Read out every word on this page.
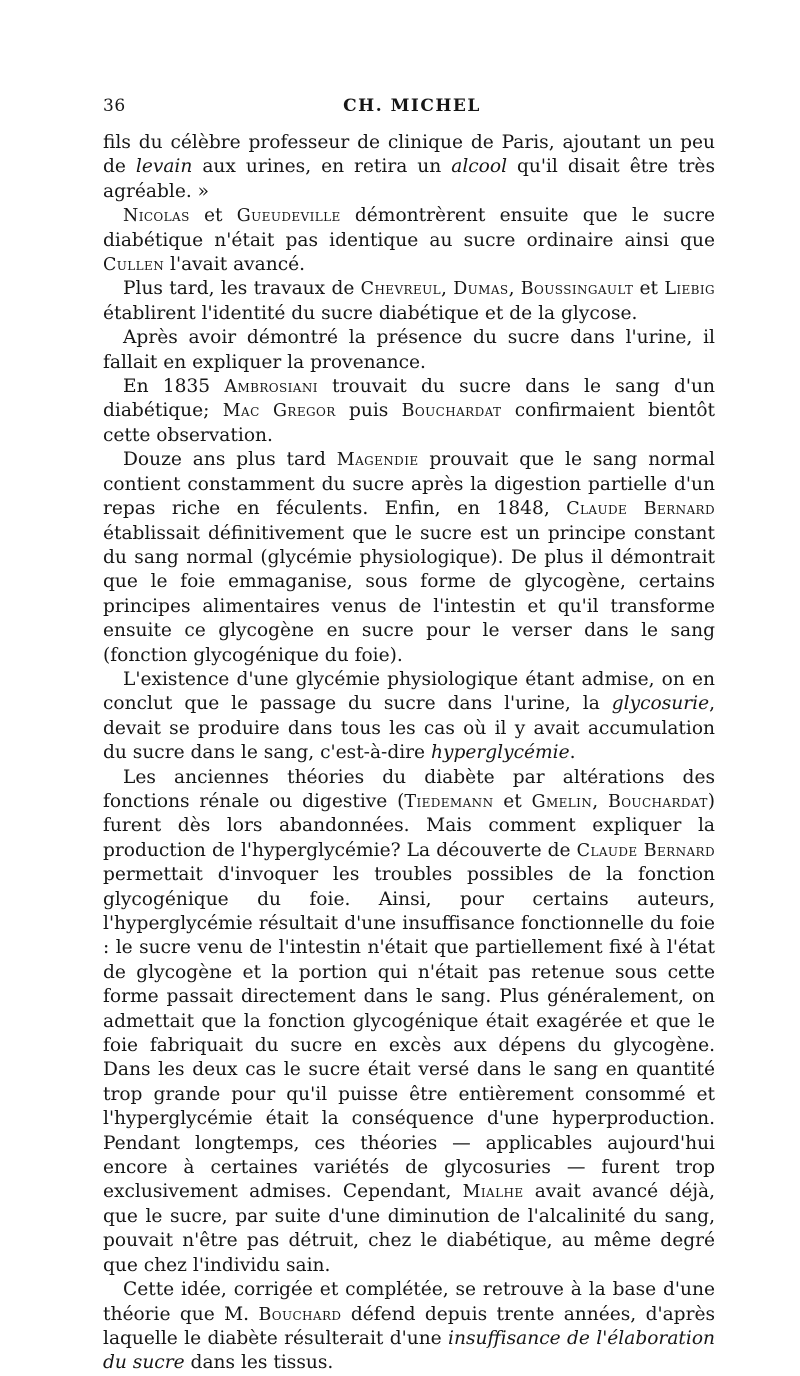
36	CH. MICHEL

fils du célèbre professeur de clinique de Paris, ajoutant un peu de levain aux urines, en retira un alcool qu'il disait être très agréable. »

Nicolas et Gueudeville démontrèrent ensuite que le sucre diabétique n'était pas identique au sucre ordinaire ainsi que Cullen l'avait avancé.

Plus tard, les travaux de Chevreul, Dumas, Boussingault et Liebig établirent l'identité du sucre diabétique et de la glycose.

Après avoir démontré la présence du sucre dans l'urine, il fallait en expliquer la provenance.

En 1835 Ambrosiani trouvait du sucre dans le sang d'un diabétique; Mac Gregor puis Bouchardat confirmaient bientôt cette observation.

Douze ans plus tard Magendie prouvait que le sang normal contient constamment du sucre après la digestion partielle d'un repas riche en féculents. Enfin, en 1848, Claude Bernard établissait définitivement que le sucre est un principe constant du sang normal (glycémie physiologique). De plus il démontrait que le foie emmaganise, sous forme de glycogène, certains principes alimentaires venus de l'intestin et qu'il transforme ensuite ce glycogène en sucre pour le verser dans le sang (fonction glycogénique du foie).

L'existence d'une glycémie physiologique étant admise, on en conclut que le passage du sucre dans l'urine, la glycosurie, devait se produire dans tous les cas où il y avait accumulation du sucre dans le sang, c'est-à-dire hyperglycémie.

Les anciennes théories du diabète par altérations des fonctions rénale ou digestive (Tiedemann et Gmelin, Bouchardat) furent dès lors abandonnées. Mais comment expliquer la production de l'hyperglycémie? La découverte de Claude Bernard permettait d'invoquer les troubles possibles de la fonction glycogénique du foie. Ainsi, pour certains auteurs, l'hyperglycémie résultait d'une insuffisance fonctionnelle du foie : le sucre venu de l'intestin n'était que partiellement fixé à l'état de glycogène et la portion qui n'était pas retenue sous cette forme passait directement dans le sang. Plus généralement, on admettait que la fonction glycogénique était exagérée et que le foie fabriquait du sucre en excès aux dépens du glycogène. Dans les deux cas le sucre était versé dans le sang en quantité trop grande pour qu'il puisse être entièrement consommé et l'hyperglycémie était la conséquence d'une hyperproduction. Pendant longtemps, ces théories — applicables aujourd'hui encore à certaines variétés de glycosuries — furent trop exclusivement admises. Cependant, Mialhe avait avancé déjà, que le sucre, par suite d'une diminution de l'alcalinité du sang, pouvait n'être pas détruit, chez le diabétique, au même degré que chez l'individu sain.

Cette idée, corrigée et complétée, se retrouve à la base d'une théorie que M. Bouchard défend depuis trente années, d'après laquelle le diabète résulterait d'une insuffisance de l'élaboration du sucre dans les tissus.
